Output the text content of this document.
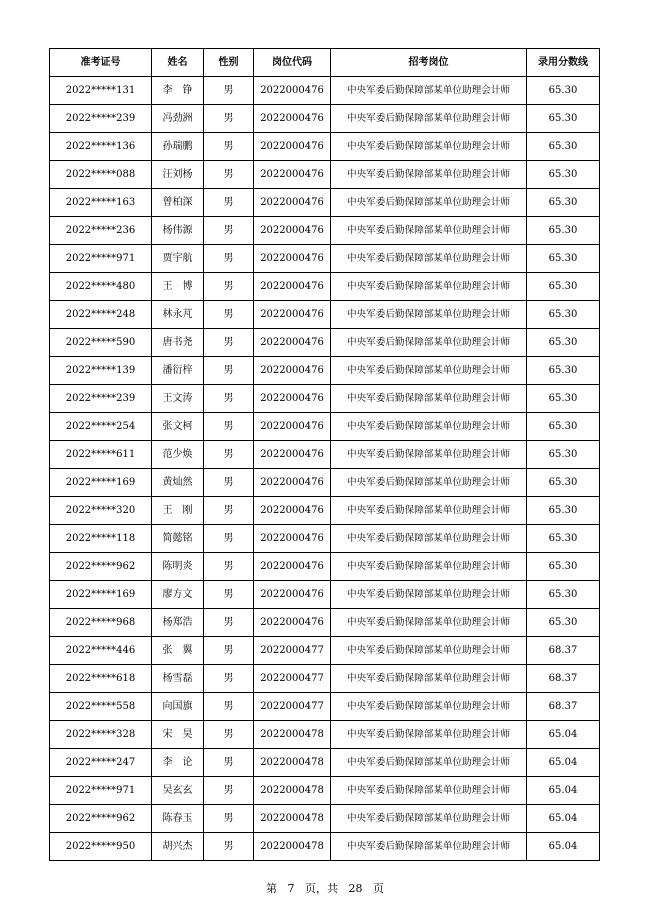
准考证号	姓名	性别	岗位代码	招考岗位	录用分数线
2022*****131	李　铮	男	2022000476	中央军委后勤保障部某单位助理会计师	65.30
2022*****239	冯劲洲	男	2022000476	中央军委后勤保障部某单位助理会计师	65.30
2022*****136	孙瑞鹏	男	2022000476	中央军委后勤保障部某单位助理会计师	65.30
2022*****088	汪刘杨	男	2022000476	中央军委后勤保障部某单位助理会计师	65.30
2022*****163	曾柏深	男	2022000476	中央军委后勤保障部某单位助理会计师	65.30
2022*****236	杨伟源	男	2022000476	中央军委后勤保障部某单位助理会计师	65.30
2022*****971	贾宇航	男	2022000476	中央军委后勤保障部某单位助理会计师	65.30
2022*****480	王　博	男	2022000476	中央军委后勤保障部某单位助理会计师	65.30
2022*****248	林永芃	男	2022000476	中央军委后勤保障部某单位助理会计师	65.30
2022*****590	唐书尧	男	2022000476	中央军委后勤保障部某单位助理会计师	65.30
2022*****139	潘衍梓	男	2022000476	中央军委后勤保障部某单位助理会计师	65.30
2022*****239	王文涛	男	2022000476	中央军委后勤保障部某单位助理会计师	65.30
2022*****254	张文柯	男	2022000476	中央军委后勤保障部某单位助理会计师	65.30
2022*****611	范少焕	男	2022000476	中央军委后勤保障部某单位助理会计师	65.30
2022*****169	黄灿然	男	2022000476	中央军委后勤保障部某单位助理会计师	65.30
2022*****320	王　刚	男	2022000476	中央军委后勤保障部某单位助理会计师	65.30
2022*****118	简懿铭	男	2022000476	中央军委后勤保障部某单位助理会计师	65.30
2022*****962	陈明炎	男	2022000476	中央军委后勤保障部某单位助理会计师	65.30
2022*****169	廖方文	男	2022000476	中央军委后勤保障部某单位助理会计师	65.30
2022*****968	杨郑浩	男	2022000476	中央军委后勤保障部某单位助理会计师	65.30
2022*****446	张　翼	男	2022000477	中央军委后勤保障部某单位助理会计师	68.37
2022*****618	杨雪磊	男	2022000477	中央军委后勤保障部某单位助理会计师	68.37
2022*****558	向国旗	男	2022000477	中央军委后勤保障部某单位助理会计师	68.37
2022*****328	宋　昊	男	2022000478	中央军委后勤保障部某单位助理会计师	65.04
2022*****247	李　论	男	2022000478	中央军委后勤保障部某单位助理会计师	65.04
2022*****971	吴玄玄	男	2022000478	中央军委后勤保障部某单位助理会计师	65.04
2022*****962	陈春玉	男	2022000478	中央军委后勤保障部某单位助理会计师	65.04
2022*****950	胡兴杰	男	2022000478	中央军委后勤保障部某单位助理会计师	65.04
第 7 页，共 28 页
